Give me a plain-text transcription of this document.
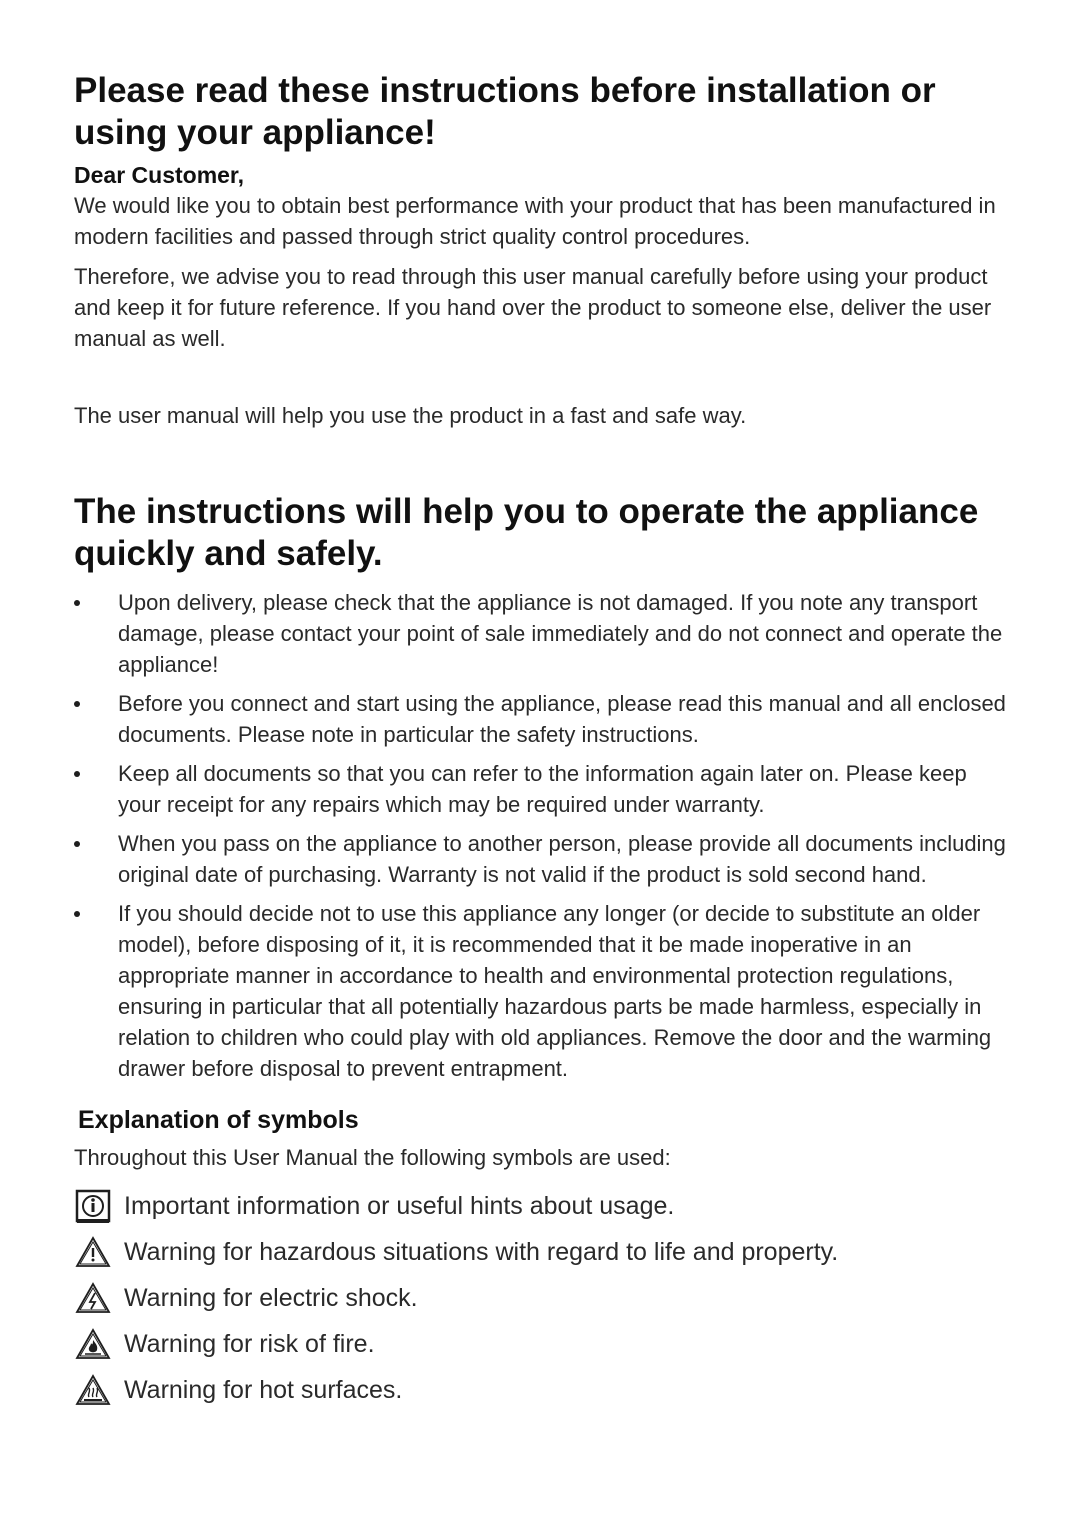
Please read these instructions before installation or using your appliance!
Dear Customer,

We would like you to obtain best performance with your product that has been manufactured in modern facilities and passed through strict quality control procedures.

Therefore, we advise you to read through this user manual carefully before using your product and keep it for future reference. If you hand over the product to someone else, deliver the user manual as well.

The user manual will help you use the product in a fast and safe way.

The instructions will help you to operate the appliance quickly and safely.
Upon delivery, please check that the appliance is not damaged. If you note any transport damage, please contact your point of sale immediately and do not connect and operate the appliance!
Before you connect and start using the appliance, please read this manual and all enclosed documents. Please note in particular the safety instructions.
Keep all documents so that you can refer to the information again later on. Please keep your receipt for any repairs which may be required under warranty.
When you pass on the appliance to another person, please provide all documents including original date of purchasing. Warranty is not valid if the product is sold second hand.
If you should decide not to use this appliance any longer (or decide to substitute an older model), before disposing of it, it is recommended that it be made inoperative in an appropriate manner in accordance to health and environmental protection regulations, ensuring in particular that all potentially hazardous parts be made harmless, especially in relation to children who could play with old appliances. Remove the door and the warming drawer before disposal to prevent entrapment.
Explanation of symbols

Throughout this User Manual the following symbols are used:

Important information or useful hints about usage.
Warning for hazardous situations with regard to life and property.
Warning for electric shock.
Warning for risk of fire.
Warning for hot surfaces.
